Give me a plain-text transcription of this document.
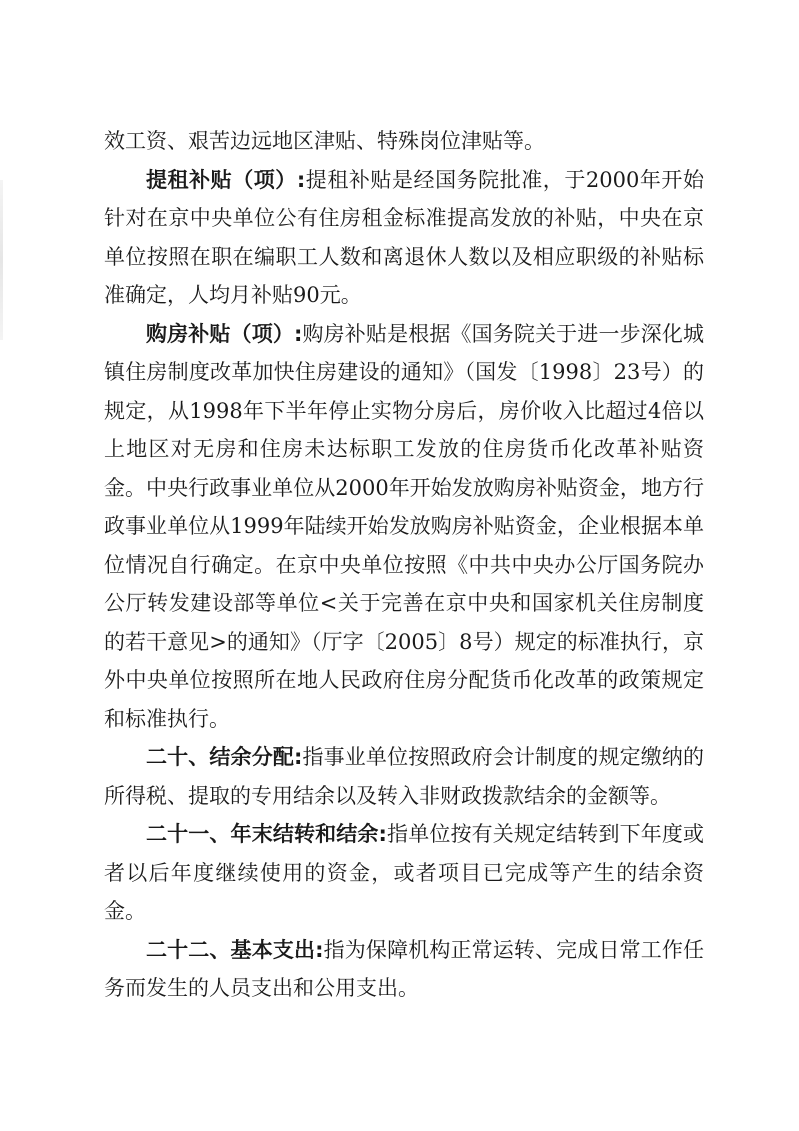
效工资、艰苦边远地区津贴、特殊岗位津贴等。

提租补贴（项）:提租补贴是经国务院批准，于2000年开始针对在京中央单位公有住房租金标准提高发放的补贴，中央在京单位按照在职在编职工人数和离退休人数以及相应职级的补贴标准确定，人均月补贴90元。

购房补贴（项）:购房补贴是根据《国务院关于进一步深化城镇住房制度改革加快住房建设的通知》（国发〔1998〕23号）的规定，从1998年下半年停止实物分房后，房价收入比超过4倍以上地区对无房和住房未达标职工发放的住房货币化改革补贴资金。中央行政事业单位从2000年开始发放购房补贴资金，地方行政事业单位从1999年陆续开始发放购房补贴资金，企业根据本单位情况自行确定。在京中央单位按照《中共中央办公厅国务院办公厅转发建设部等单位<关于完善在京中央和国家机关住房制度的若干意见>的通知》（厅字〔2005〕8号）规定的标准执行，京外中央单位按照所在地人民政府住房分配货币化改革的政策规定和标准执行。

二十、结余分配:指事业单位按照政府会计制度的规定缴纳的所得税、提取的专用结余以及转入非财政拨款结余的金额等。

二十一、年末结转和结余:指单位按有关规定结转到下年度或者以后年度继续使用的资金，或者项目已完成等产生的结余资金。

二十二、基本支出:指为保障机构正常运转、完成日常工作任务而发生的人员支出和公用支出。
